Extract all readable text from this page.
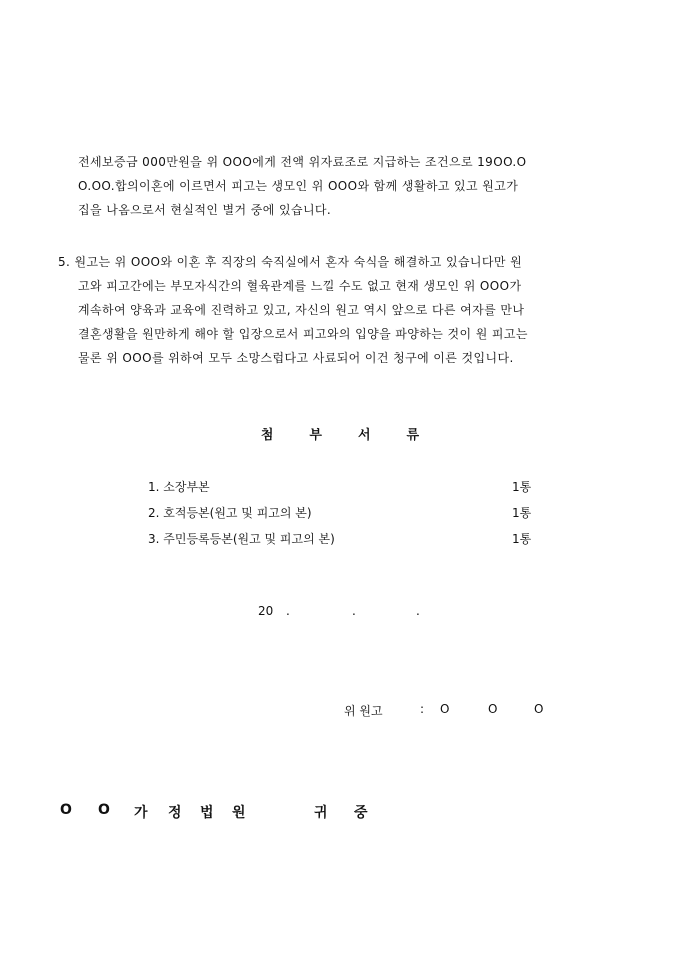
전세보증금 000만원을 위 OOO에게 전액 위자료조로 지급하는 조건으로 19OO.O
O.OO.합의이혼에 이르면서 피고는 생모인 위 OOO와 함께 생활하고 있고 원고가
집을 나옴으로서 현실적인 별거 중에 있습니다.
5. 원고는 위 OOO와 이혼 후 직장의 숙직실에서 혼자 숙식을 해결하고 있습니다만 원
고와 피고간에는 부모자식간의 혈육관계를 느낄 수도 없고 현재 생모인 위 OOO가
계속하여 양육과 교육에 진력하고 있고, 자신의 원고 역시 앞으로 다른 여자를 만나
결혼생활을 원만하게 해야 할 입장으로서 피고와의 입양을 파양하는 것이 원 피고는
물론 위 OOO를 위하여 모두 소망스럽다고 사료되어 이건 청구에 이른 것입니다.
첨부서류
1. 소장부본	1통
2. 호적등본(원고 및 피고의 본)	1통
3. 주민등록등본(원고 및 피고의 본)	1통
20 .	.	.
위 원고	: O	O	O
O O 가 정 법 원	귀 중
